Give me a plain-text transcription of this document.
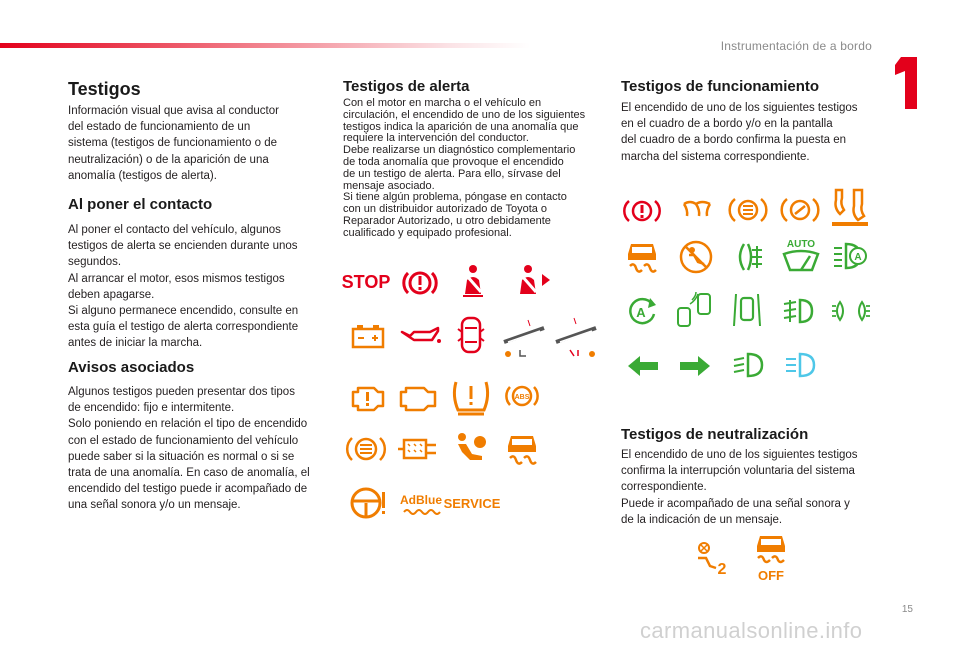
Instrumentación de a bordo
15
carmanualsonline.info
Testigos
Información visual que avisa al conductor
del estado de funcionamiento de un
sistema (testigos de funcionamiento o de
neutralización) o de la aparición de una
anomalía (testigos de alerta).
Al poner el contacto
Al poner el contacto del vehículo, algunos
testigos de alerta se encienden durante unos
segundos.
Al arrancar el motor, esos mismos testigos
deben apagarse.
Si alguno permanece encendido, consulte en
esta guía el testigo de alerta correspondiente
antes de iniciar la marcha.
Avisos asociados
Algunos testigos pueden presentar dos tipos
de encendido: fijo e intermitente.
Solo poniendo en relación el tipo de encendido
con el estado de funcionamiento del vehículo
puede saber si la situación es normal o si se
trata de una anomalía. En caso de anomalía, el
encendido del testigo puede ir acompañado de
una señal sonora y/o un mensaje.
Testigos de alerta
Con el motor en marcha o el vehículo en
circulación, el encendido de uno de los siguientes
testigos indica la aparición de una anomalía que
requiere la intervención del conductor.
Debe realizarse un diagnóstico complementario
de toda anomalía que provoque el encendido
de un testigo de alerta. Para ello, sírvase del
mensaje asociado.
Si tiene algún problema, póngase en contacto
con un distribuidor autorizado de Toyota o
Reparador Autorizado, u otro debidamente
cualificado y equipado profesional.
STOP
ABS
AdBlue SERVICE
Testigos de funcionamiento
El encendido de uno de los siguientes testigos
en el cuadro de a bordo y/o en la pantalla
del cuadro de a bordo confirma la puesta en
marcha del sistema correspondiente.
AUTO
A
A
Testigos de neutralización
El encendido de uno de los siguientes testigos
confirma la interrupción voluntaria del sistema
correspondiente.
Puede ir acompañado de una señal sonora y
de la indicación de un mensaje.
2 OFF
